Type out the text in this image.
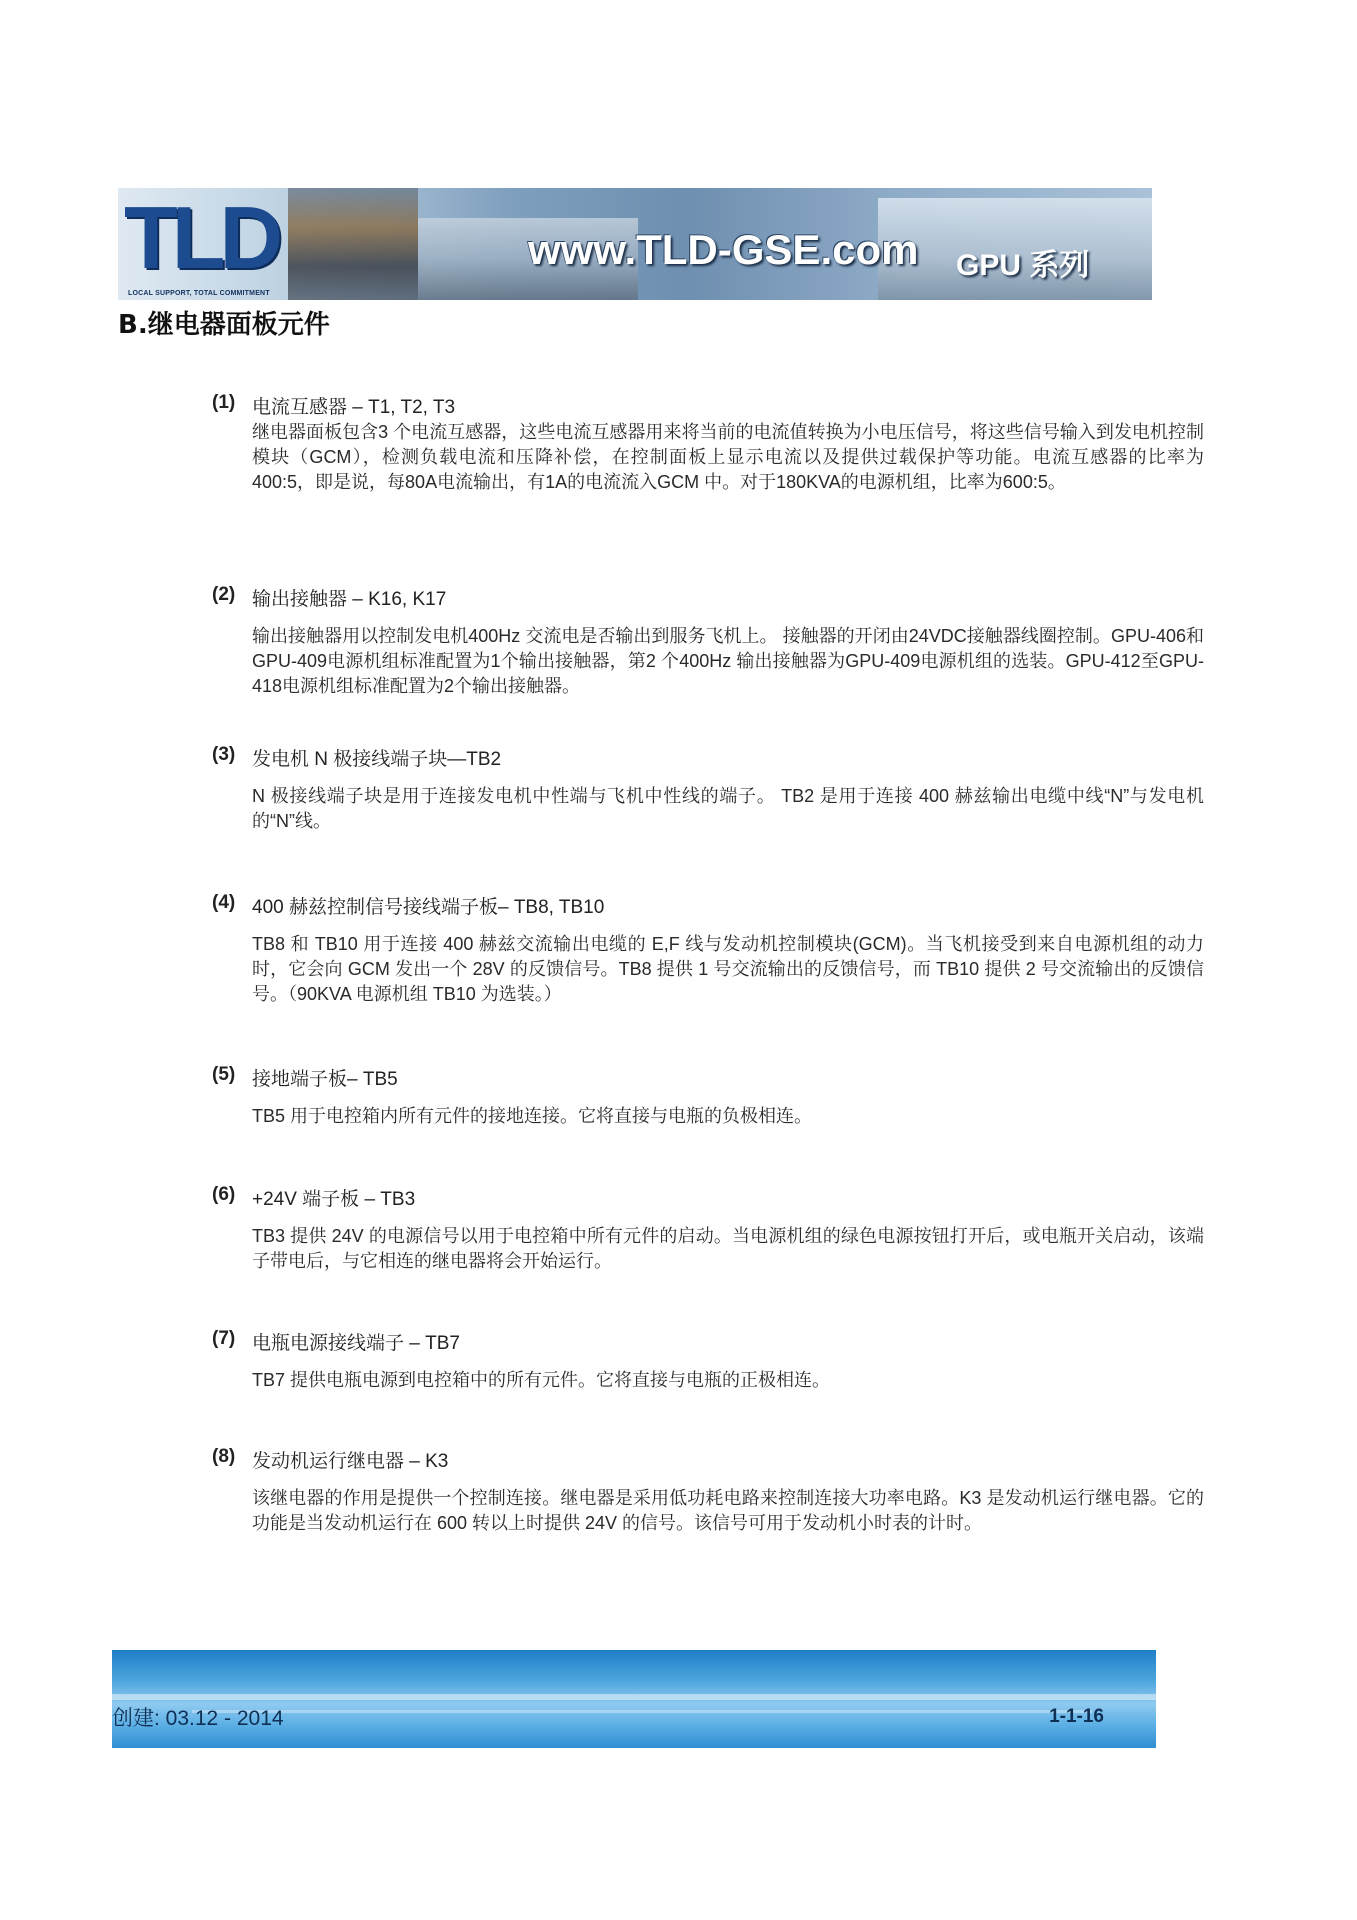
TLD
LOCAL SUPPORT, TOTAL COMMITMENT
www.TLD-GSE.com GPU 系列
B.继电器面板元件
(1) 电流互感器 – T1, T2, T3
继电器面板包含3 个电流互感器，这些电流互感器用来将当前的电流值转换为小电压信号，将这些信号输入到发电机控制模块（GCM），检测负载电流和压降补偿，在控制面板上显示电流以及提供过载保护等功能。电流互感器的比率为400:5，即是说，每80A电流输出，有1A的电流流入GCM 中。对于180KVA的电源机组，比率为600:5。
(2) 输出接触器 – K16, K17
输出接触器用以控制发电机400Hz 交流电是否输出到服务飞机上。 接触器的开闭由24VDC接触器线圈控制。GPU-406和GPU-409电源机组标准配置为1个输出接触器，第2 个400Hz 输出接触器为GPU-409电源机组的选装。GPU-412至GPU-418电源机组标准配置为2个输出接触器。
(3) 发电机 N 极接线端子块—TB2
N 极接线端子块是用于连接发电机中性端与飞机中性线的端子。 TB2 是用于连接 400 赫兹输出电缆中线“N”与发电机的“N”线。
(4) 400 赫兹控制信号接线端子板– TB8, TB10
TB8 和 TB10 用于连接 400 赫兹交流输出电缆的 E,F 线与发动机控制模块(GCM)。当飞机接受到来自电源机组的动力时，它会向 GCM 发出一个 28V 的反馈信号。TB8 提供 1 号交流输出的反馈信号，而 TB10 提供 2 号交流输出的反馈信号。（90KVA 电源机组 TB10 为选装。）
(5) 接地端子板– TB5
TB5 用于电控箱内所有元件的接地连接。它将直接与电瓶的负极相连。
(6) +24V 端子板 – TB3
TB3 提供 24V 的电源信号以用于电控箱中所有元件的启动。当电源机组的绿色电源按钮打开后，或电瓶开关启动，该端子带电后，与它相连的继电器将会开始运行。
(7) 电瓶电源接线端子 – TB7
TB7 提供电瓶电源到电控箱中的所有元件。它将直接与电瓶的正极相连。
(8) 发动机运行继电器 – K3
该继电器的作用是提供一个控制连接。继电器是采用低功耗电路来控制连接大功率电路。K3 是发动机运行继电器。它的功能是当发动机运行在 600 转以上时提供 24V 的信号。该信号可用于发动机小时表的计时。
创建: 03.12 - 2014	1-1-16
